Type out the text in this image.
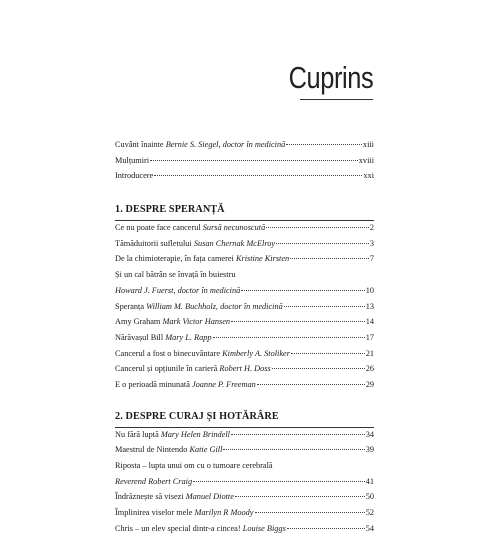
Cuprins
Cuvânt înainte Bernie S. Siegel, doctor în medicină	xiii
Mulțumiri	xviii
Introducere	xxi
1. DESPRE SPERANȚĂ
Ce nu poate face cancerul Sursă necunoscută	2
Tămăduitorii sufletului Susan Chernak McElroy	3
De la chimioterapie, în fața camerei Kristine Kirsten	7
Și un cal bătrân se învață în buiestru
Howard J. Fuerst, doctor în medicină	10
Speranța William M. Buchholz, doctor în medicină	13
Amy Graham Mark Victor Hansen	14
Nărăvașul Bill Mary L. Rapp	17
Cancerul a fost o binecuvântare Kimberly A. Stoliker	21
Cancerul și opțiunile în carieră Robert H. Doss	26
E o perioadă minunată Joanne P. Freeman	29
2. DESPRE CURAJ ȘI HOTĂRÂRE
Nu fără luptă Mary Helen Brindell	34
Maestrul de Nintendo Katie Gill	39
Riposta – lupta unui om cu o tumoare cerebrală
Reverend Robert Craig	41
Îndrăznește să visezi Manuel Diotte	50
Împlinirea viselor mele Marilyn R Moody	52
Chris – un elev special dintr-a cincea! Louise Biggs	54
